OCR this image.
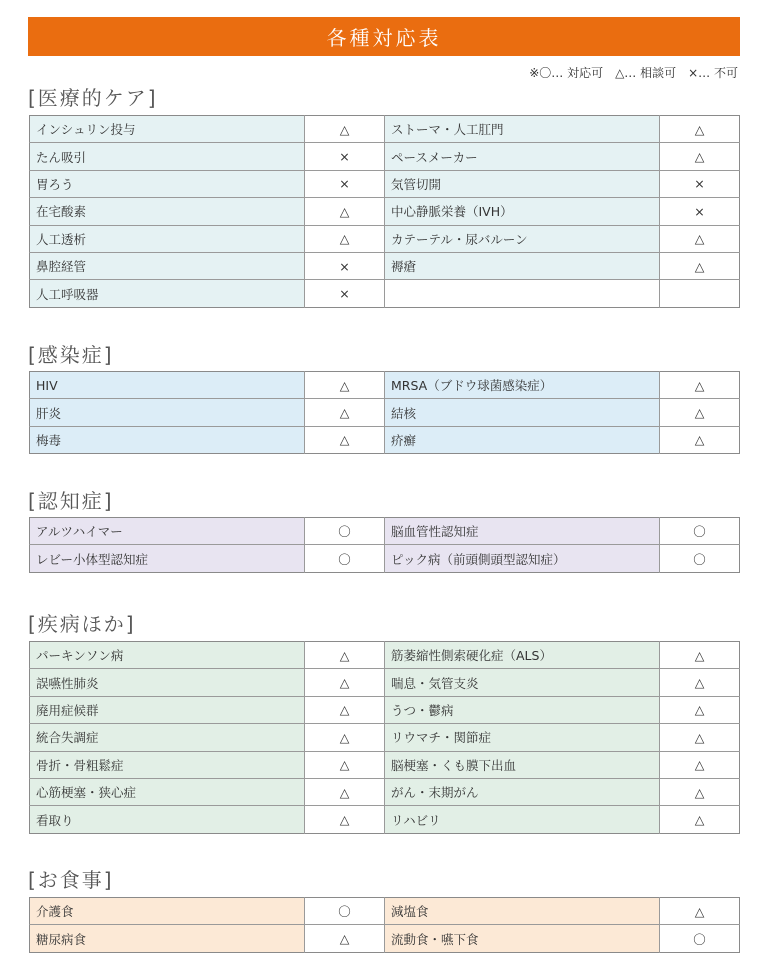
各種対応表
※〇… 対応可　△… 相談可　×… 不可
[医療的ケア]
インシュリン投与	△	ストーマ・人工肛門	△
たん吸引	×	ペースメーカー	△
胃ろう	×	気管切開	×
在宅酸素	△	中心静脈栄養（IVH）	×
人工透析	△	カテーテル・尿バルーン	△
鼻腔経管	×	褥瘡	△
人工呼吸器	×		
[感染症]
HIV	△	MRSA（ブドウ球菌感染症）	△
肝炎	△	結核	△
梅毒	△	疥癬	△
[認知症]
アルツハイマー	〇	脳血管性認知症	〇
レビー小体型認知症	〇	ピック病（前頭側頭型認知症）	〇
[疾病ほか]
パーキンソン病	△	筋萎縮性側索硬化症（ALS）	△
誤嚥性肺炎	△	喘息・気管支炎	△
廃用症候群	△	うつ・鬱病	△
統合失調症	△	リウマチ・関節症	△
骨折・骨粗鬆症	△	脳梗塞・くも膜下出血	△
心筋梗塞・狭心症	△	がん・末期がん	△
看取り	△	リハビリ	△
[お食事]
介護食	〇	減塩食	△
糖尿病食	△	流動食・嚥下食	〇
